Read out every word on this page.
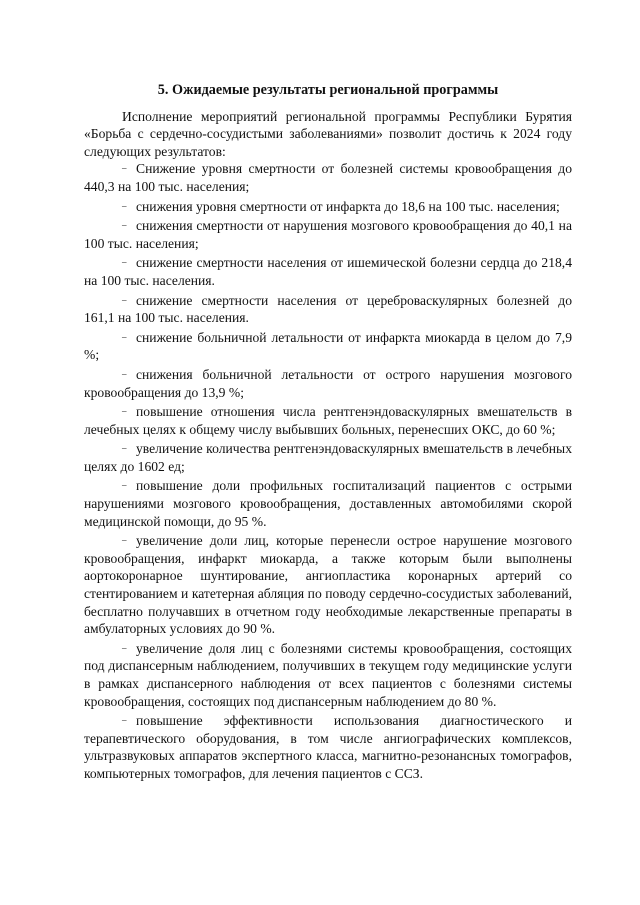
5. Ожидаемые результаты региональной программы

Исполнение мероприятий региональной программы Республики Бурятия «Борьба с сердечно-сосудистыми заболеваниями» позволит достичь к 2024 году следующих результатов:

– Снижение уровня смертности от болезней системы кровообращения до 440,3 на 100 тыс. населения;

– снижения уровня смертности от инфаркта до 18,6 на 100 тыс. населения;

– снижения смертности от нарушения мозгового кровообращения до 40,1 на 100 тыс. населения;

– снижение смертности населения от ишемической болезни сердца до 218,4 на 100 тыс. населения.

– снижение смертности населения от цереброваскулярных болезней до 161,1 на 100 тыс. населения.

– снижение больничной летальности от инфаркта миокарда в целом до 7,9 %;

– снижения больничной летальности от острого нарушения мозгового кровообращения до 13,9 %;

– повышение отношения числа рентгенэндоваскулярных вмешательств в лечебных целях к общему числу выбывших больных, перенесших ОКС, до 60 %;

– увеличение количества рентгенэндоваскулярных вмешательств в лечебных целях до 1602 ед;

– повышение доли профильных госпитализаций пациентов с острыми нарушениями мозгового кровообращения, доставленных автомобилями скорой медицинской помощи, до 95 %.

– увеличение доли лиц, которые перенесли острое нарушение мозгового кровообращения, инфаркт миокарда, а также которым были выполнены аортокоронарное шунтирование, ангиопластика коронарных артерий со стентированием и катетерная абляция по поводу сердечно-сосудистых заболеваний, бесплатно получавших в отчетном году необходимые лекарственные препараты в амбулаторных условиях до 90 %.

– увеличение доля лиц с болезнями системы кровообращения, состоящих под диспансерным наблюдением, получивших в текущем году медицинские услуги в рамках диспансерного наблюдения от всех пациентов с болезнями системы кровообращения, состоящих под диспансерным наблюдением до 80 %.

– повышение эффективности использования диагностического и терапевтического оборудования, в том числе ангиографических комплексов, ультразвуковых аппаратов экспертного класса, магнитно-резонансных томографов, компьютерных томографов, для лечения пациентов с ССЗ.
